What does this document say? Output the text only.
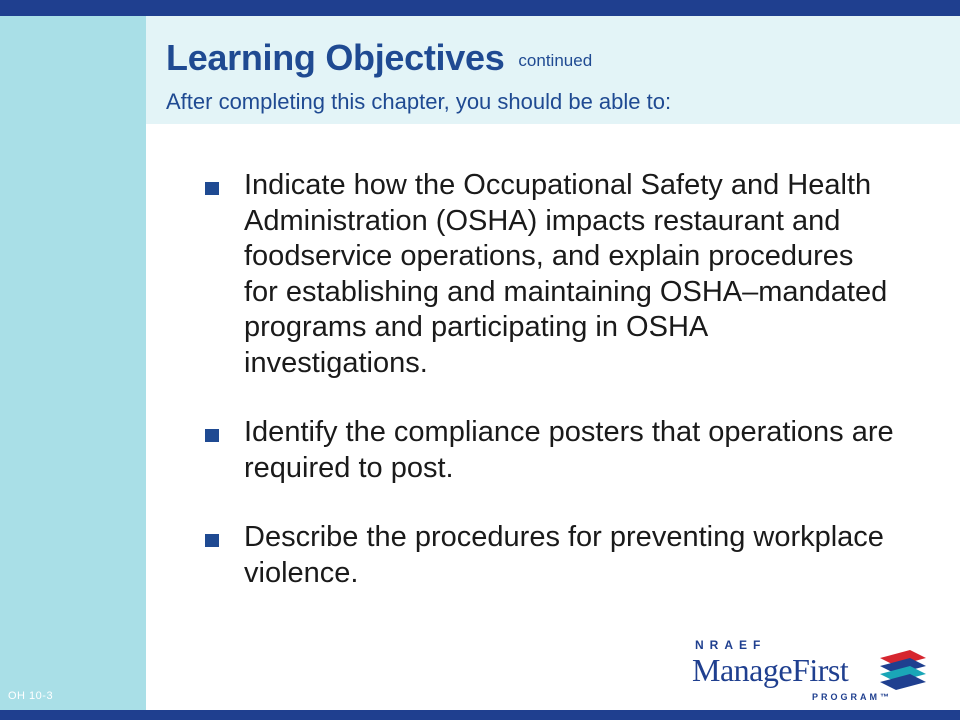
Learning Objectives continued

After completing this chapter, you should be able to:

Indicate how the Occupational Safety and Health Administration (OSHA) impacts restaurant and foodservice operations, and explain procedures for establishing and maintaining OSHA–mandated programs and participating in OSHA investigations.
Identify the compliance posters that operations are required to post.
Describe the procedures for preventing workplace violence.
OH 10-3
NRAEF
ManageFirst
PROGRAM™
